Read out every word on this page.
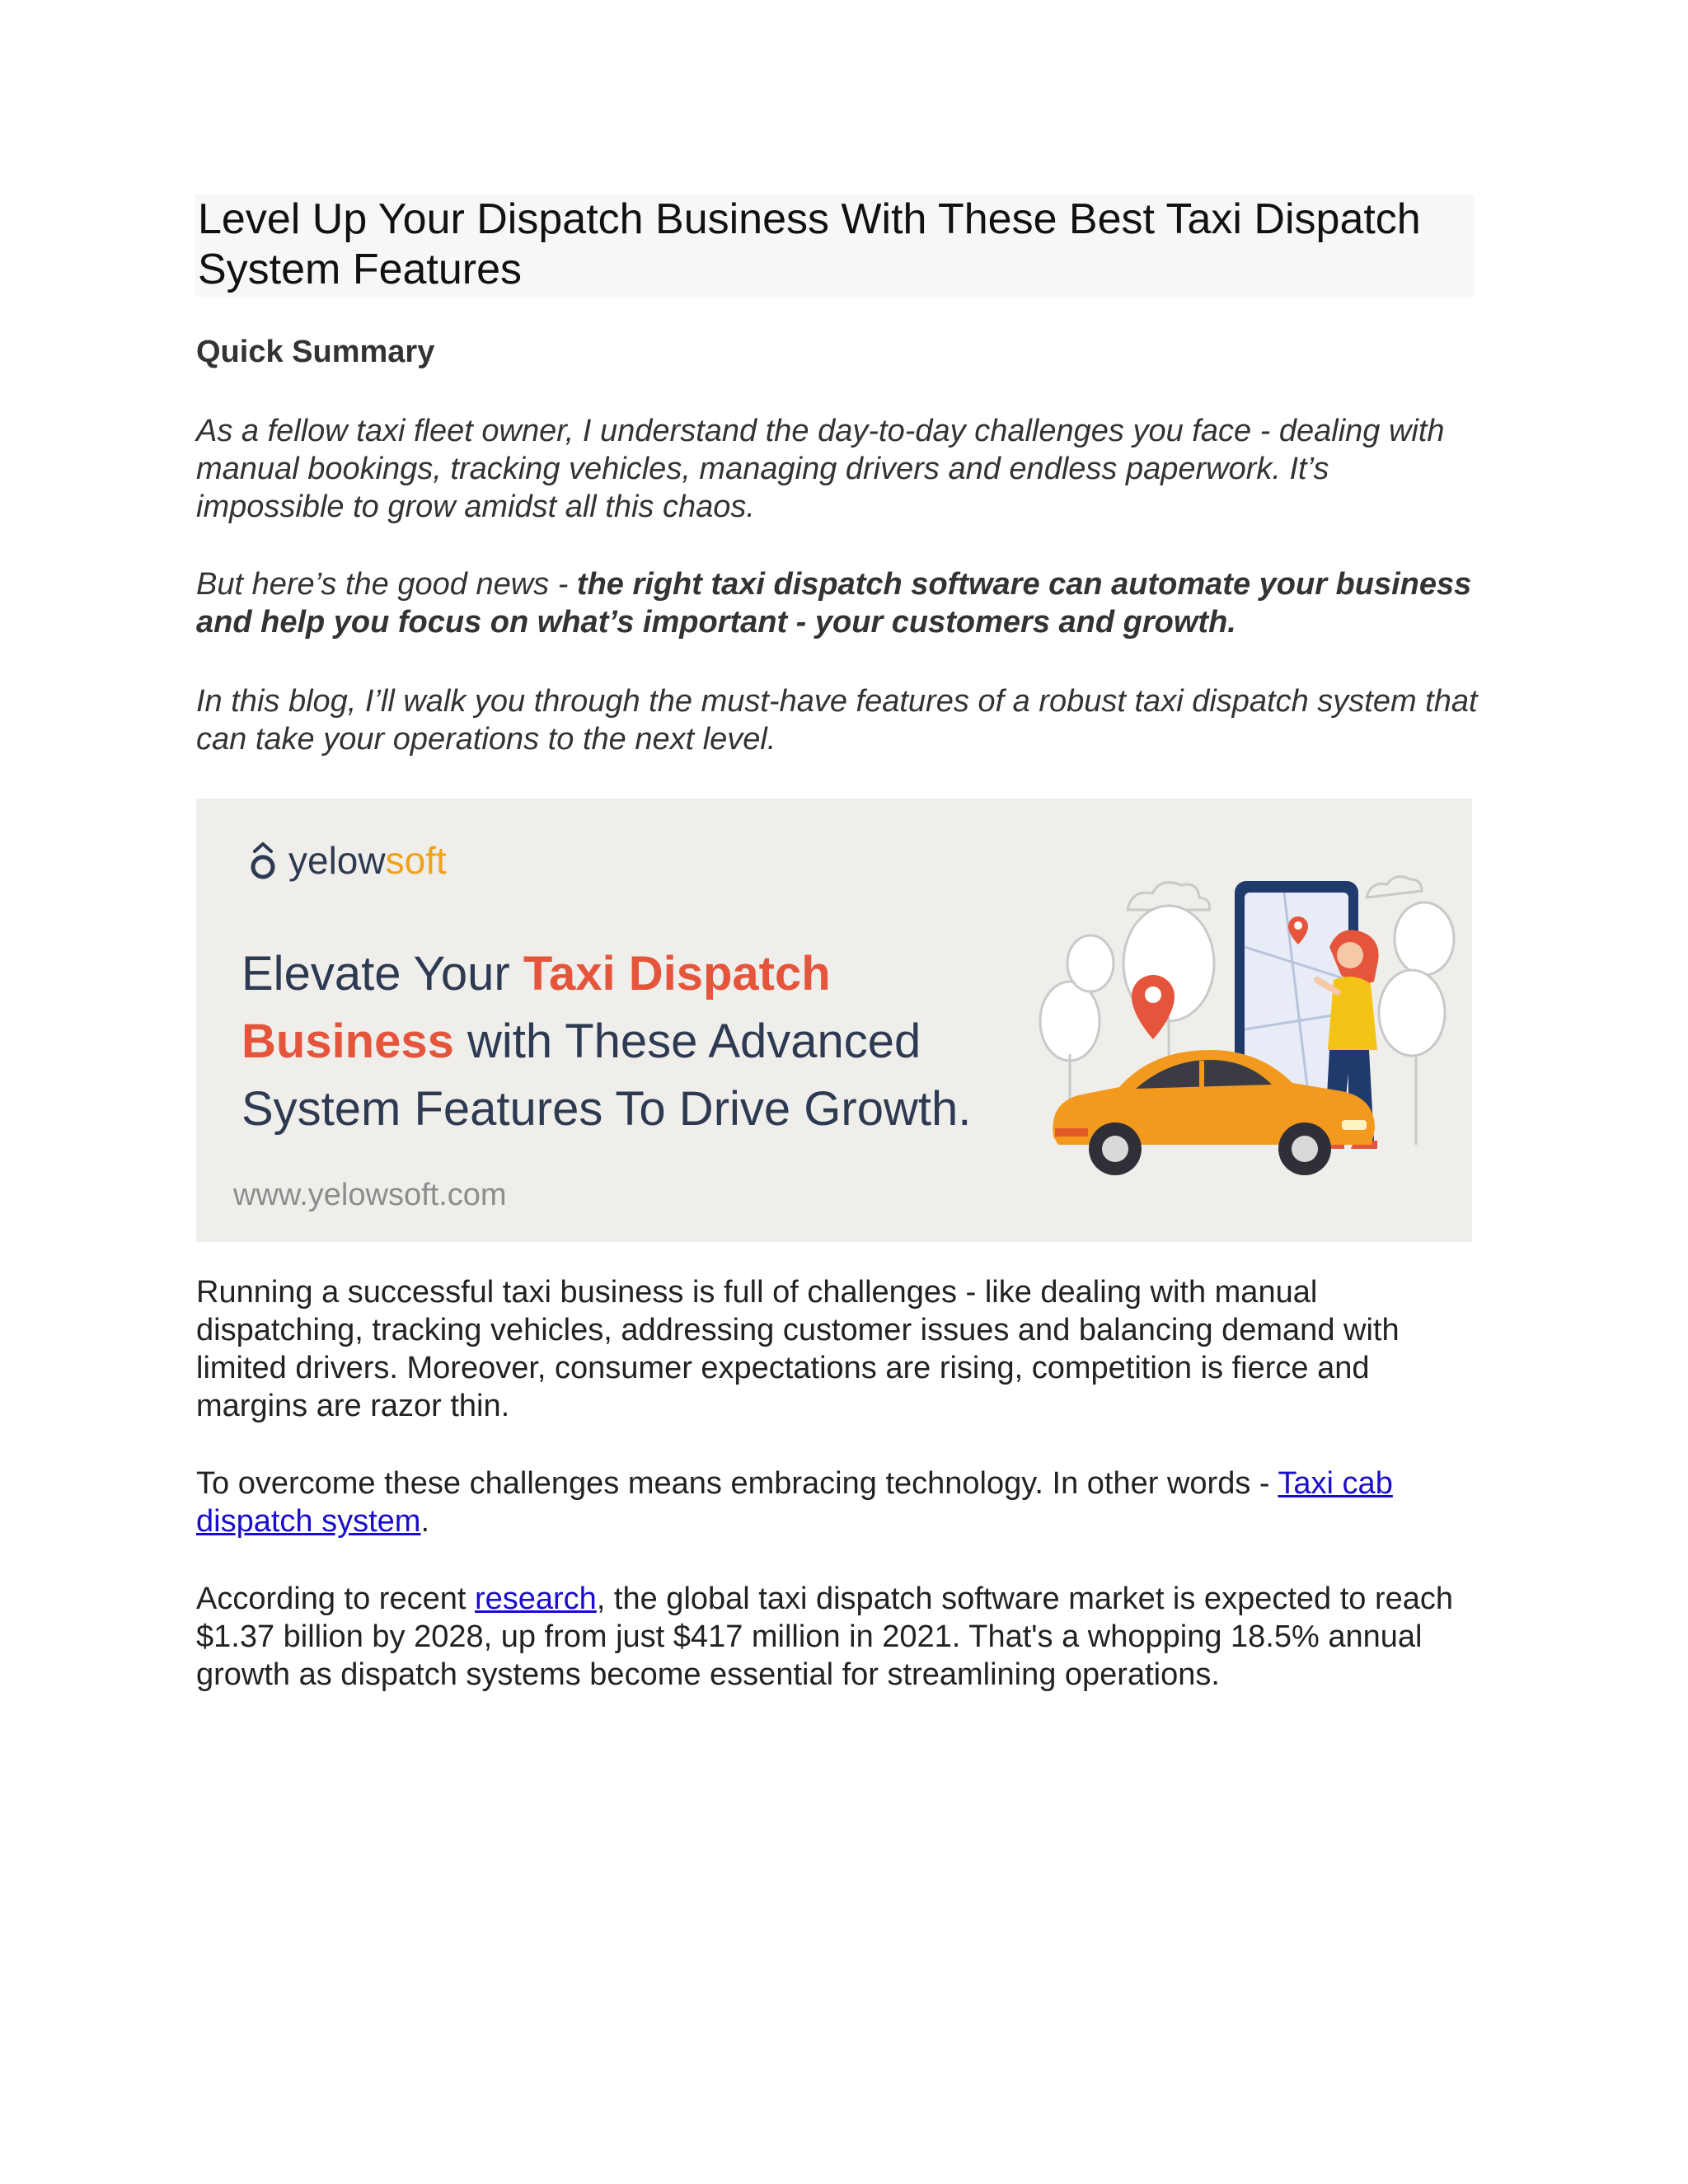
Level Up Your Dispatch Business With These Best Taxi Dispatch
System Features
Quick Summary

As a fellow taxi fleet owner, I understand the day-to-day challenges you face - dealing with manual bookings, tracking vehicles, managing drivers and endless paperwork. It’s impossible to grow amidst all this chaos.

But here’s the good news - the right taxi dispatch software can automate your business and help you focus on what’s important - your customers and growth.

In this blog, I’ll walk you through the must-have features of a robust taxi dispatch system that can take your operations to the next level.

yelow soft

Elevate Your Taxi Dispatch
Business with These Advanced
System Features To Drive Growth.

www.yelowsoft.com

Running a successful taxi business is full of challenges - like dealing with manual dispatching, tracking vehicles, addressing customer issues and balancing demand with limited drivers. Moreover, consumer expectations are rising, competition is fierce and margins are razor thin.

To overcome these challenges means embracing technology. In other words - Taxi cab dispatch system.

According to recent research, the global taxi dispatch software market is expected to reach $1.37 billion by 2028, up from just $417 million in 2021. That's a whopping 18.5% annual growth as dispatch systems become essential for streamlining operations.
